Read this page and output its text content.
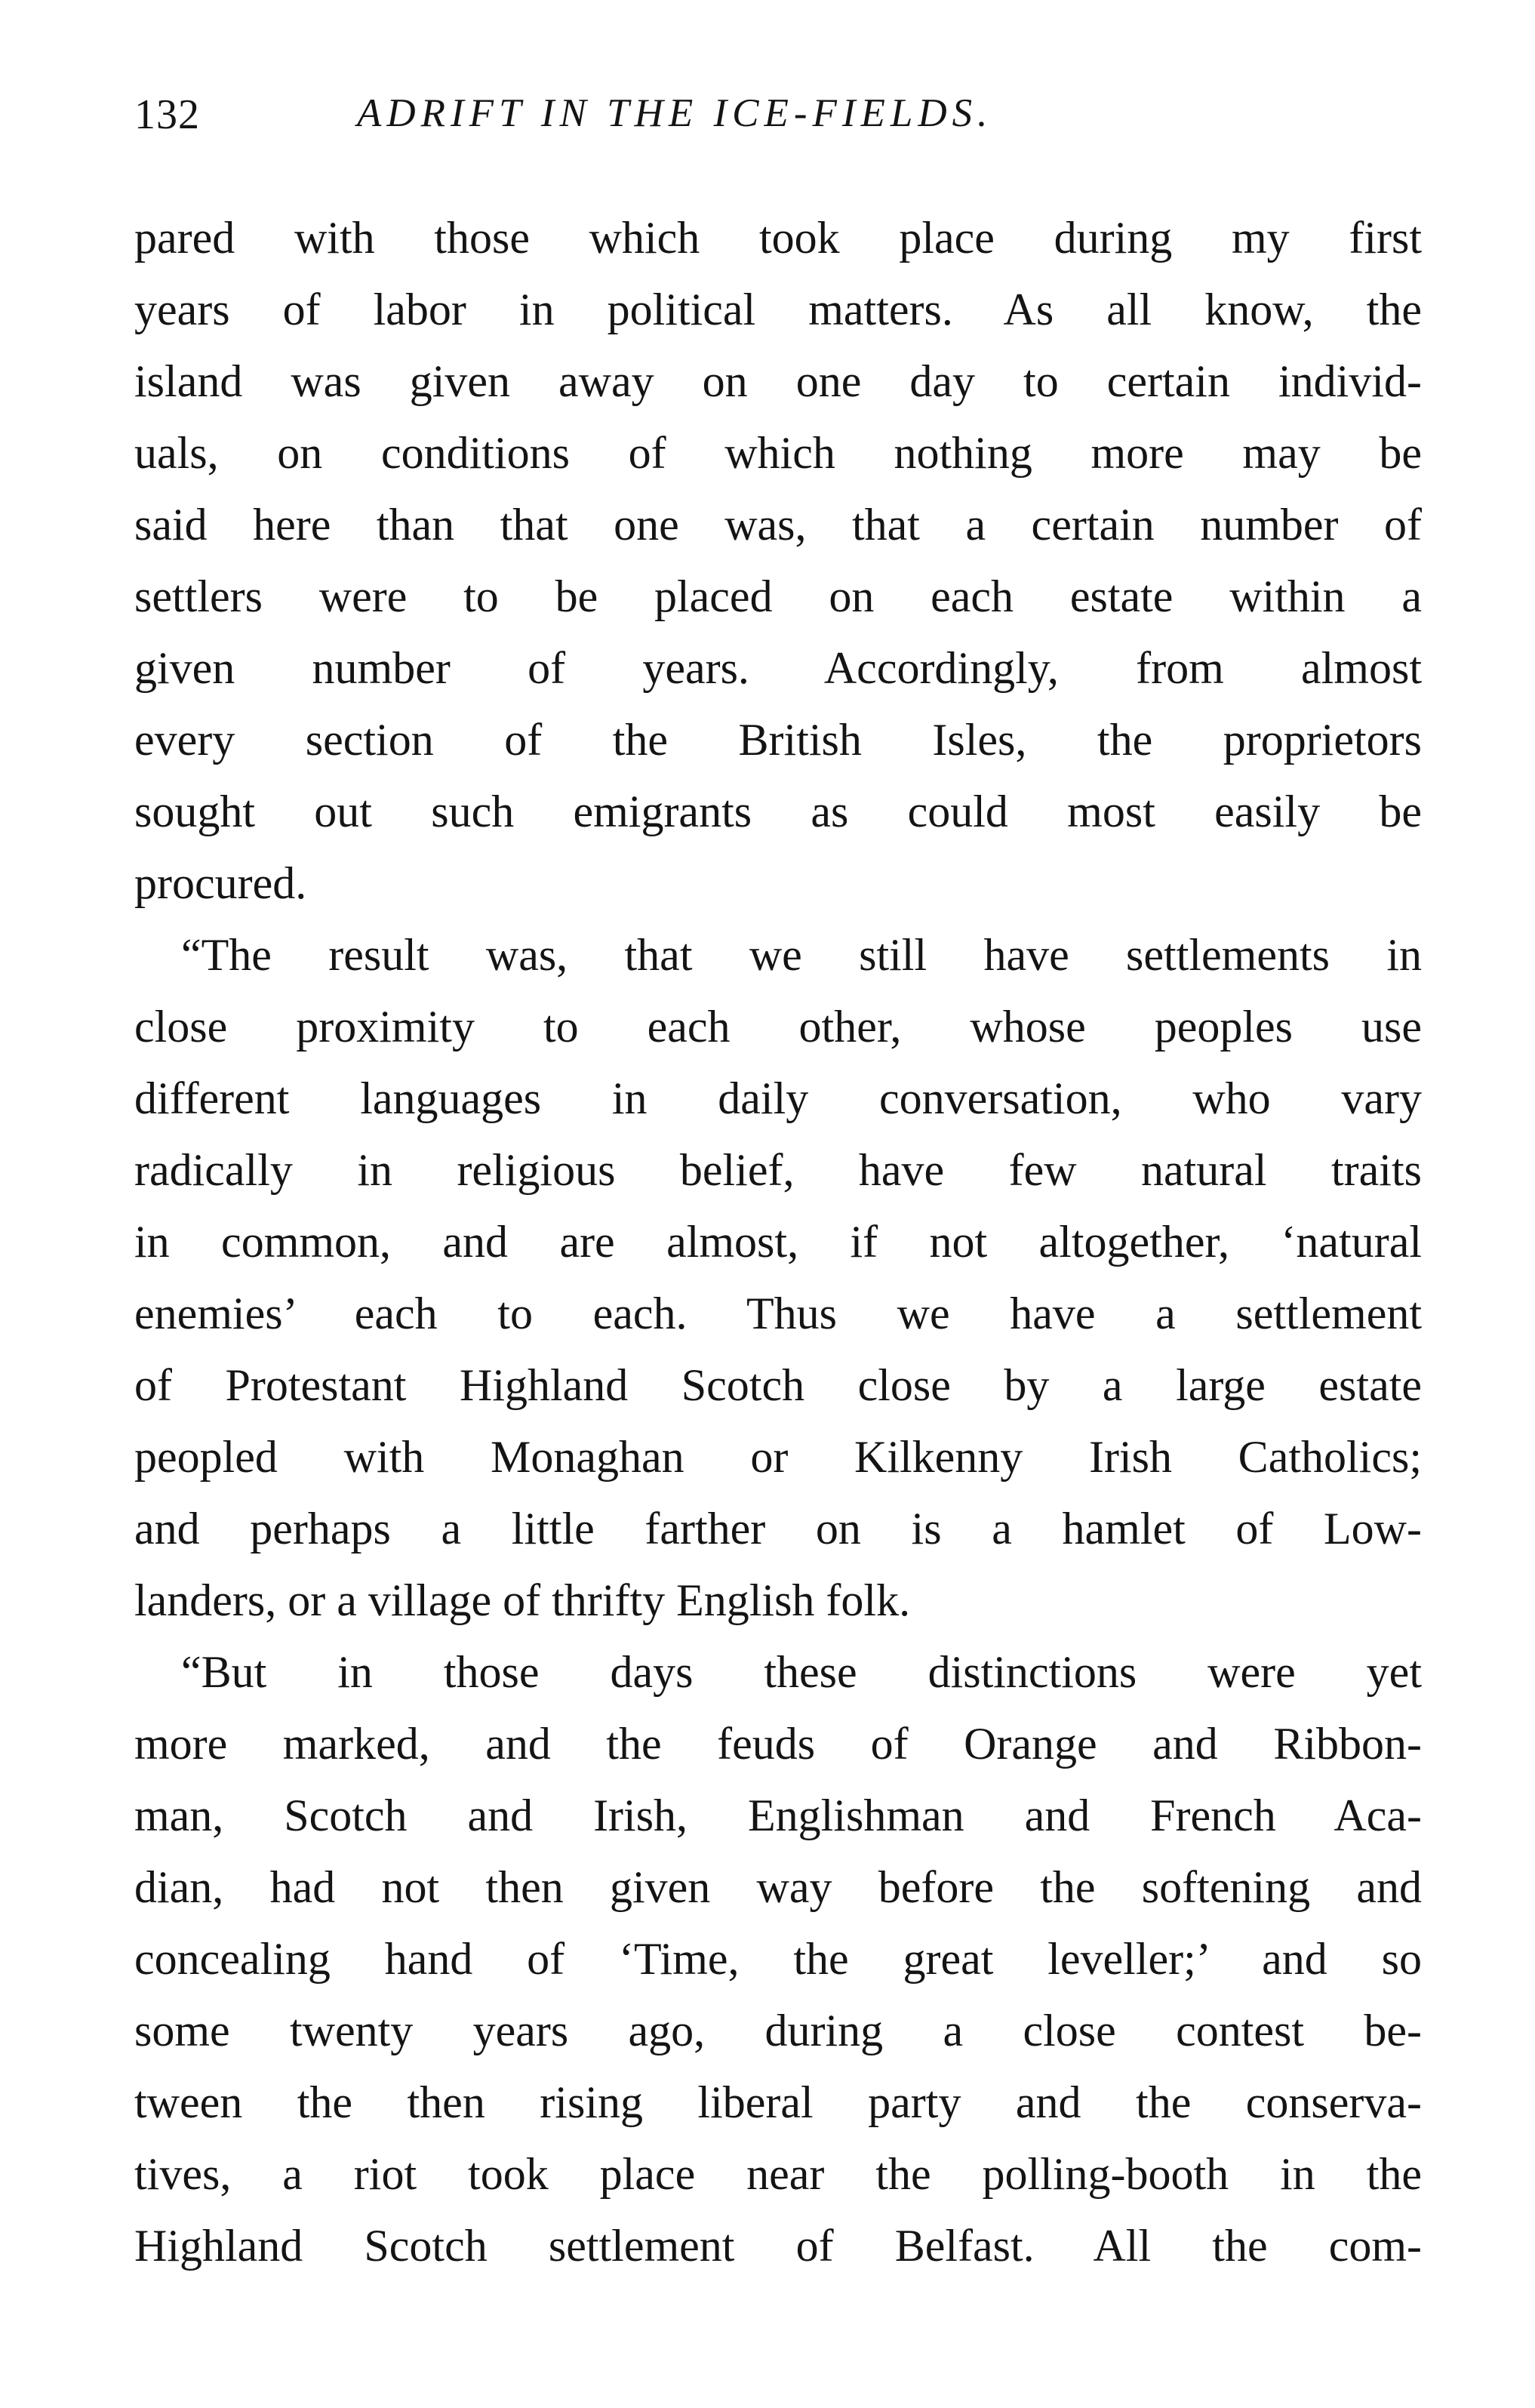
132	ADRIFT IN THE ICE-FIELDS.
pared with those which took place during my first
years of labor in political matters. As all know, the
island was given away on one day to certain individ-
uals, on conditions of which nothing more may be
said here than that one was, that a certain number of
settlers were to be placed on each estate within a
given number of years. Accordingly, from almost
every section of the British Isles, the proprietors
sought out such emigrants as could most easily be
procured.
“The result was, that we still have settlements in
close proximity to each other, whose peoples use
different languages in daily conversation, who vary
radically in religious belief, have few natural traits
in common, and are almost, if not altogether, ‘natural
enemies’ each to each. Thus we have a settlement
of Protestant Highland Scotch close by a large estate
peopled with Monaghan or Kilkenny Irish Catholics;
and perhaps a little farther on is a hamlet of Low-
landers, or a village of thrifty English folk.
“But in those days these distinctions were yet
more marked, and the feuds of Orange and Ribbon-
man, Scotch and Irish, Englishman and French Aca-
dian, had not then given way before the softening and
concealing hand of ‘Time, the great leveller;’ and so
some twenty years ago, during a close contest be-
tween the then rising liberal party and the conserva-
tives, a riot took place near the polling-booth in the
Highland Scotch settlement of Belfast. All the com-
